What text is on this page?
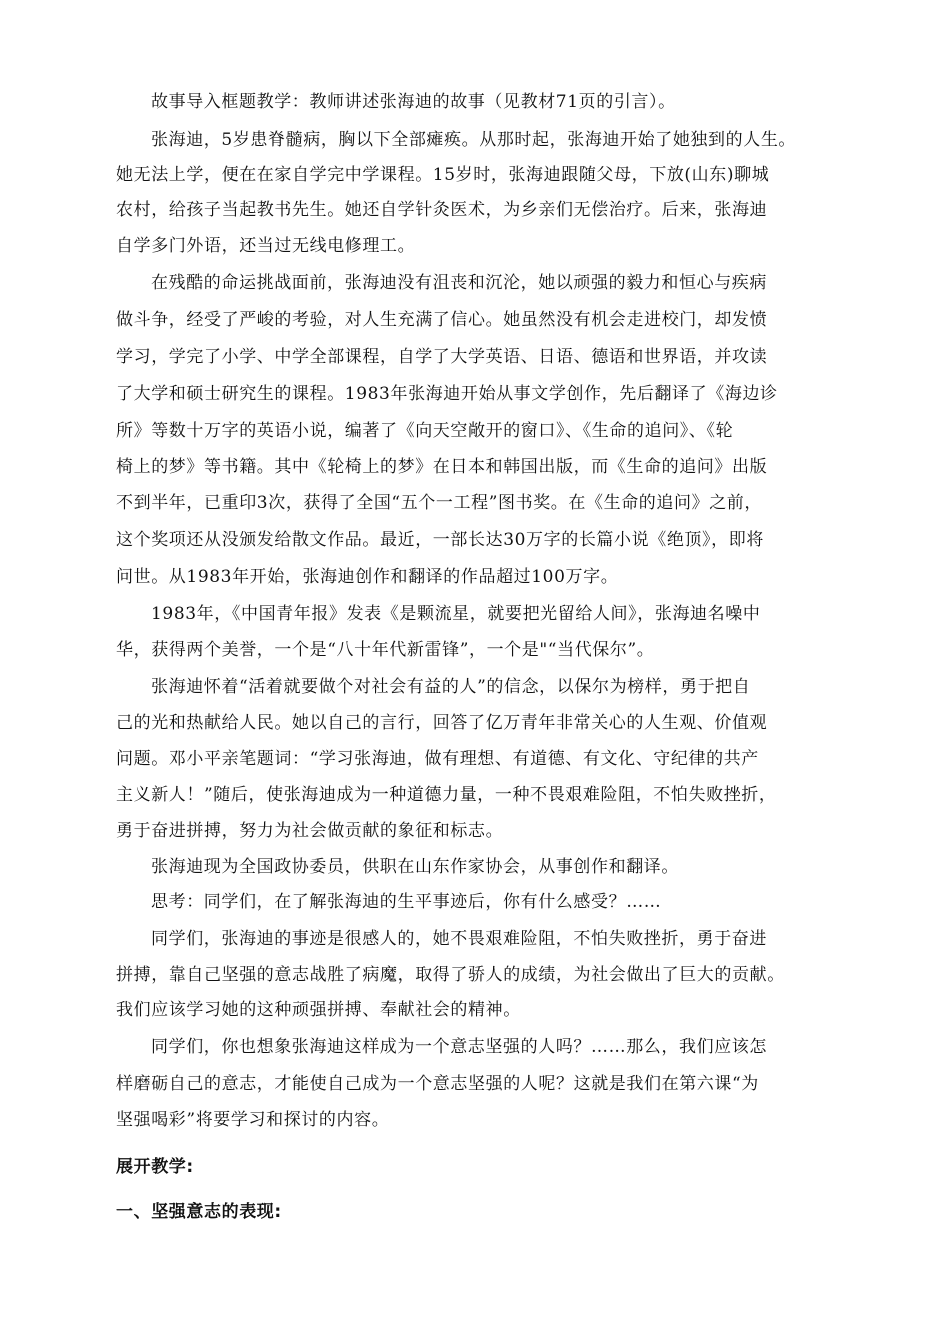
故事导入框题教学：教师讲述张海迪的故事（见教材71页的引言）。
张海迪，5岁患脊髓病，胸以下全部瘫痪。从那时起，张海迪开始了她独到的人生。
她无法上学，便在在家自学完中学课程。15岁时，张海迪跟随父母，下放(山东)聊城
农村，给孩子当起教书先生。她还自学针灸医术，为乡亲们无偿治疗。后来，张海迪
自学多门外语，还当过无线电修理工。
在残酷的命运挑战面前，张海迪没有沮丧和沉沦，她以顽强的毅力和恒心与疾病
做斗争，经受了严峻的考验，对人生充满了信心。她虽然没有机会走进校门，却发愤
学习，学完了小学、中学全部课程，自学了大学英语、日语、德语和世界语，并攻读
了大学和硕士研究生的课程。1983年张海迪开始从事文学创作，先后翻译了《海边诊
所》等数十万字的英语小说，编著了《向天空敞开的窗口》、《生命的追问》、《轮
椅上的梦》等书籍。其中《轮椅上的梦》在日本和韩国出版，而《生命的追问》出版
不到半年，已重印3次，获得了全国“五个一工程”图书奖。在《生命的追问》之前，
这个奖项还从没颁发给散文作品。最近，一部长达30万字的长篇小说《绝顶》，即将
问世。从1983年开始，张海迪创作和翻译的作品超过100万字。
1983年，《中国青年报》发表《是颗流星，就要把光留给人间》，张海迪名噪中
华，获得两个美誉，一个是“八十年代新雷锋”，一个是"“当代保尔”。
张海迪怀着“活着就要做个对社会有益的人”的信念，以保尔为榜样，勇于把自
己的光和热献给人民。她以自己的言行，回答了亿万青年非常关心的人生观、价值观
问题。邓小平亲笔题词：“学习张海迪，做有理想、有道德、有文化、守纪律的共产
主义新人！”随后，使张海迪成为一种道德力量，一种不畏艰难险阻，不怕失败挫折，
勇于奋进拼搏，努力为社会做贡献的象征和标志。
张海迪现为全国政协委员，供职在山东作家协会，从事创作和翻译。
思考：同学们，在了解张海迪的生平事迹后，你有什么感受？……
同学们，张海迪的事迹是很感人的，她不畏艰难险阻，不怕失败挫折，勇于奋进
拼搏，靠自己坚强的意志战胜了病魔，取得了骄人的成绩，为社会做出了巨大的贡献。
我们应该学习她的这种顽强拼搏、奉献社会的精神。
同学们，你也想象张海迪这样成为一个意志坚强的人吗？……那么，我们应该怎
样磨砺自己的意志，才能使自己成为一个意志坚强的人呢？这就是我们在第六课“为
坚强喝彩”将要学习和探讨的内容。
展开教学:
一、坚强意志的表现:
